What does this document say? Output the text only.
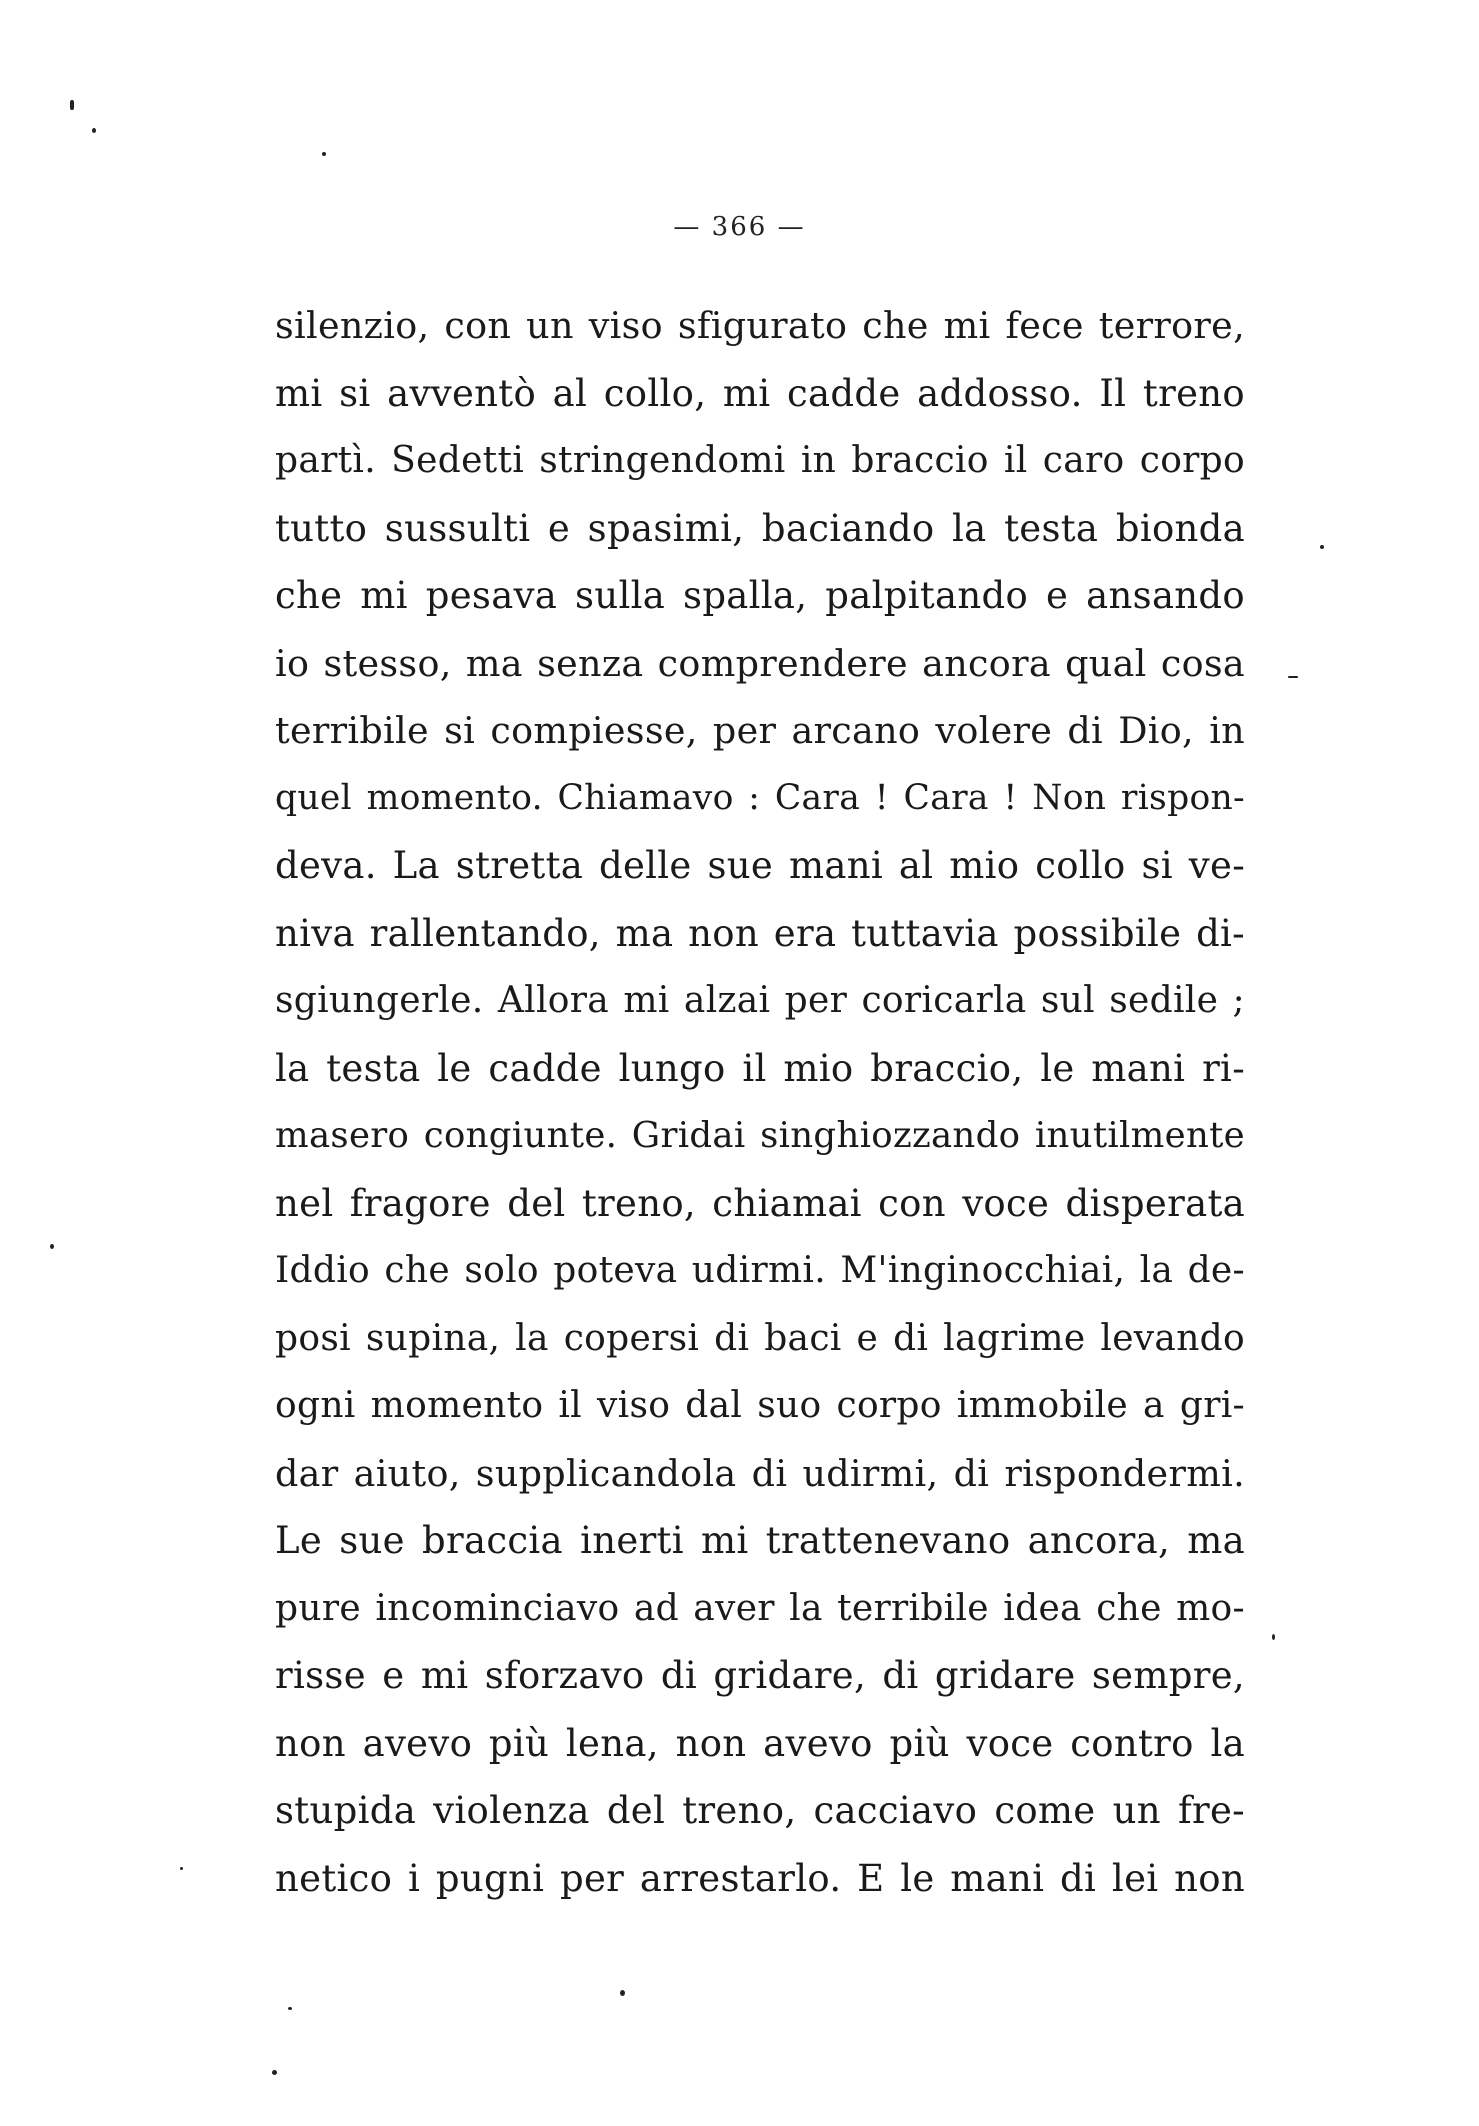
— 366 —
silenzio, con un viso sfigurato che mi fece terrore,
mi si avventò al collo, mi cadde addosso. Il treno
partì. Sedetti stringendomi in braccio il caro corpo
tutto sussulti e spasimi, baciando la testa bionda
che mi pesava sulla spalla, palpitando e ansando
io stesso, ma senza comprendere ancora qual cosa
terribile si compiesse, per arcano volere di Dio, in
quel momento. Chiamavo : Cara ! Cara ! Non rispon-
deva. La stretta delle sue mani al mio collo si ve-
niva rallentando, ma non era tuttavia possibile di-
sgiungerle. Allora mi alzai per coricarla sul sedile ;
la testa le cadde lungo il mio braccio, le mani ri-
masero congiunte. Gridai singhiozzando inutilmente
nel fragore del treno, chiamai con voce disperata
Iddio che solo poteva udirmi. M'inginocchiai, la de-
posi supina, la copersi di baci e di lagrime levando
ogni momento il viso dal suo corpo immobile a gri-
dar aiuto, supplicandola di udirmi, di rispondermi.
Le sue braccia inerti mi trattenevano ancora, ma
pure incominciavo ad aver la terribile idea che mo-
risse e mi sforzavo di gridare, di gridare sempre,
non avevo più lena, non avevo più voce contro la
stupida violenza del treno, cacciavo come un fre-
netico i pugni per arrestarlo. E le mani di lei non
